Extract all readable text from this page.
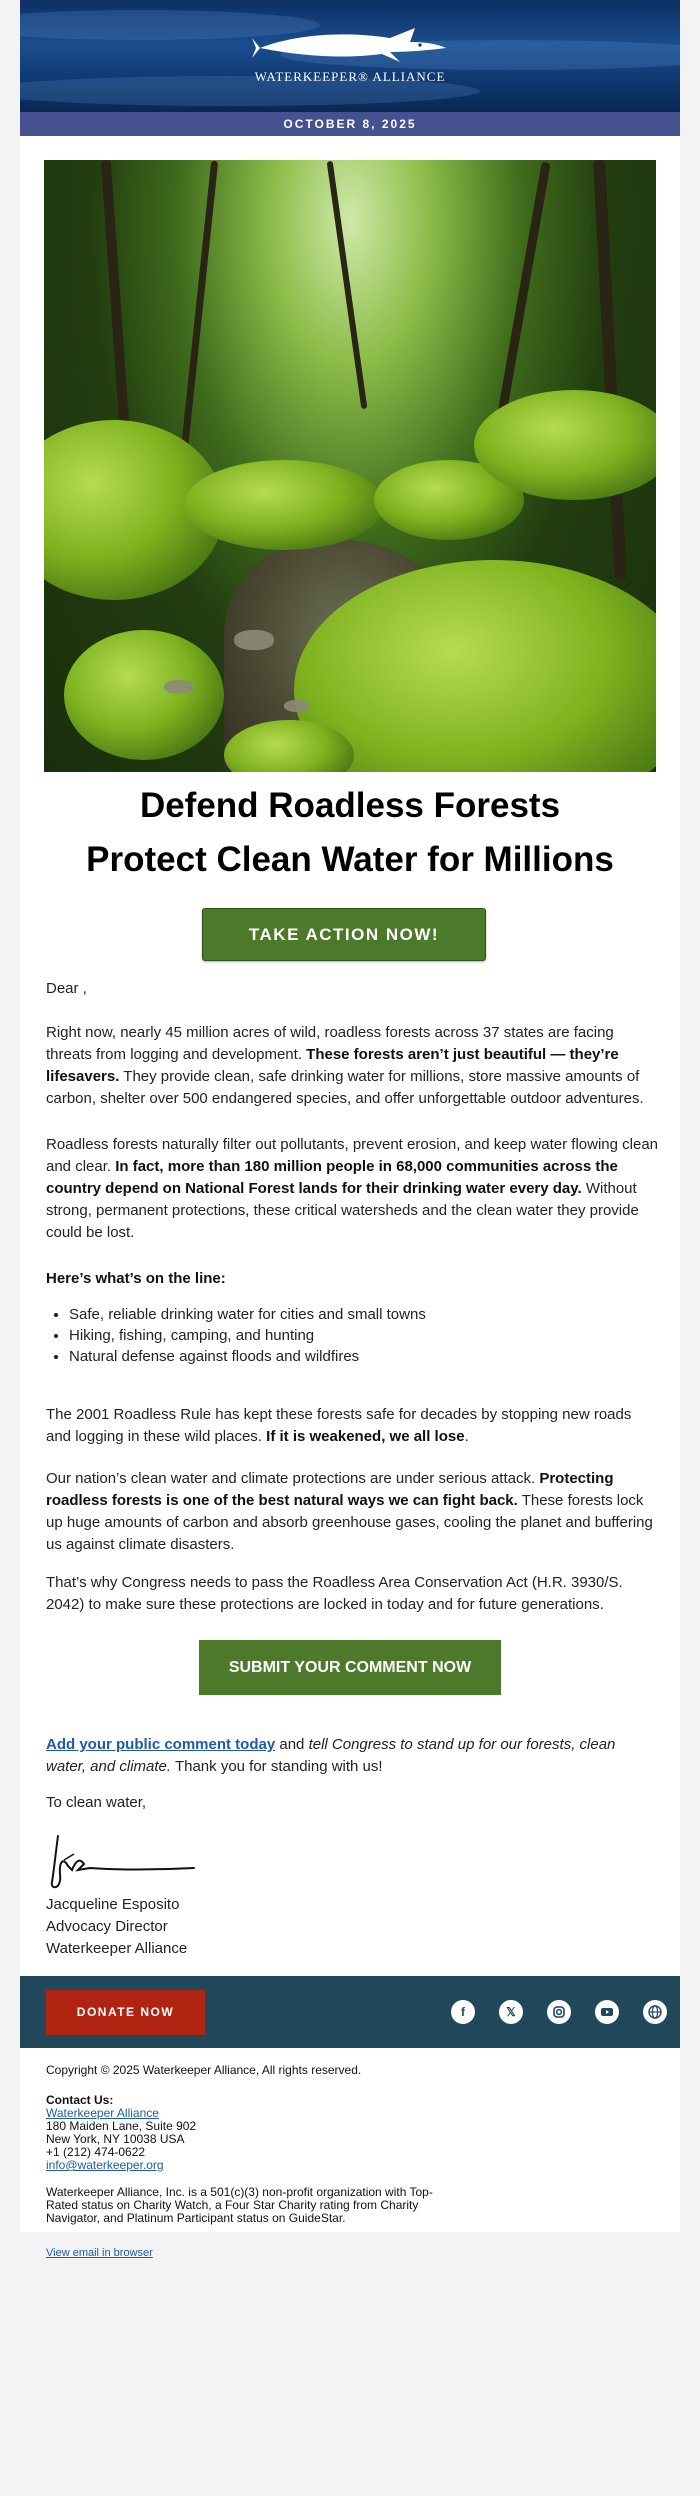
WATERKEEPER® ALLIANCE
OCTOBER 8, 2025
Defend Roadless Forests
Protect Clean Water for Millions
TAKE ACTION NOW!

Dear ,

Right now, nearly 45 million acres of wild, roadless forests across 37 states are facing threats from logging and development. These forests aren’t just beautiful — they’re lifesavers. They provide clean, safe drinking water for millions, store massive amounts of carbon, shelter over 500 endangered species, and offer unforgettable outdoor adventures.

Roadless forests naturally filter out pollutants, prevent erosion, and keep water flowing clean and clear. In fact, more than 180 million people in 68,000 communities across the country depend on National Forest lands for their drinking water every day. Without strong, permanent protections, these critical watersheds and the clean water they provide could be lost.

Here’s what’s on the line:

• Safe, reliable drinking water for cities and small towns
• Hiking, fishing, camping, and hunting
• Natural defense against floods and wildfires

The 2001 Roadless Rule has kept these forests safe for decades by stopping new roads and logging in these wild places. If it is weakened, we all lose.

Our nation’s clean water and climate protections are under serious attack. Protecting roadless forests is one of the best natural ways we can fight back. These forests lock up huge amounts of carbon and absorb greenhouse gases, cooling the planet and buffering us against climate disasters.

That’s why Congress needs to pass the Roadless Area Conservation Act (H.R. 3930/S. 2042) to make sure these protections are locked in today and for future generations.

SUBMIT YOUR COMMENT NOW

Add your public comment today and tell Congress to stand up for our forests, clean water, and climate. Thank you for standing with us!

To clean water,

Jacqueline Esposito

Advocacy Director

Waterkeeper Alliance

DONATE NOW	f	𝕏

Copyright © 2025 Waterkeeper Alliance, All rights reserved.

Contact Us:

Waterkeeper Alliance

180 Maiden Lane, Suite 902

New York, NY 10038 USA

+1 (212) 474-0622

info@waterkeeper.org

Waterkeeper Alliance, Inc. is a 501(c)(3) non-profit organization with Top-Rated status on Charity Watch, a Four Star Charity rating from Charity Navigator, and Platinum Participant status on GuideStar.

View email in browser
